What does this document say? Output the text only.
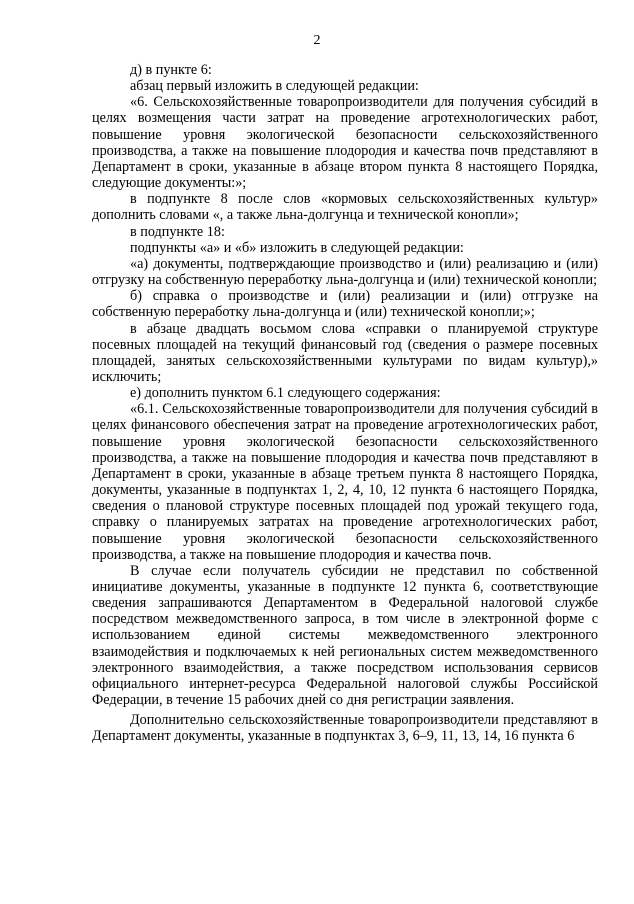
2

д) в пункте 6:

абзац первый изложить в следующей редакции:

«6. Сельскохозяйственные товаропроизводители для получения субсидий в целях возмещения части затрат на проведение агротехнологических работ, повышение уровня экологической безопасности сельскохозяйственного производства, а также на повышение плодородия и качества почв представляют в Департамент в сроки, указанные в абзаце втором пункта 8 настоящего Порядка, следующие документы:»;

в подпункте 8 после слов «кормовых сельскохозяйственных культур» дополнить словами «, а также льна-долгунца и технической конопли»;

в подпункте 18:

подпункты «а» и «б» изложить в следующей редакции:

«а) документы, подтверждающие производство и (или) реализацию и (или) отгрузку на собственную переработку льна-долгунца и (или) технической конопли;

б) справка о производстве и (или) реализации и (или) отгрузке на собственную переработку льна-долгунца и (или) технической конопли;»;

в абзаце двадцать восьмом слова «справки о планируемой структуре посевных площадей на текущий финансовый год (сведения о размере посевных площадей, занятых сельскохозяйственными культурами по видам культур),» исключить;

е) дополнить пунктом 6.1 следующего содержания:

«6.1. Сельскохозяйственные товаропроизводители для получения субсидий в целях финансового обеспечения затрат на проведение агротехнологических работ, повышение уровня экологической безопасности сельскохозяйственного производства, а также на повышение плодородия и качества почв представляют в Департамент в сроки, указанные в абзаце третьем пункта 8 настоящего Порядка, документы, указанные в подпунктах 1, 2, 4, 10, 12 пункта 6 настоящего Порядка, сведения о плановой структуре посевных площадей под урожай текущего года, справку о планируемых затратах на проведение агротехнологических работ, повышение уровня экологической безопасности сельскохозяйственного производства, а также на повышение плодородия и качества почв.

В случае если получатель субсидии не представил по собственной инициативе документы, указанные в подпункте 12 пункта 6, соответствующие сведения запрашиваются Департаментом в Федеральной налоговой службе посредством межведомственного запроса, в том числе в электронной форме с использованием единой системы межведомственного электронного взаимодействия и подключаемых к ней региональных систем межведомственного электронного взаимодействия, а также посредством использования сервисов официального интернет-ресурса Федеральной налоговой службы Российской Федерации, в течение 15 рабочих дней со дня регистрации заявления.

Дополнительно сельскохозяйственные товаропроизводители представляют в Департамент документы, указанные в подпунктах 3, 6–9, 11, 13, 14, 16 пункта 6
